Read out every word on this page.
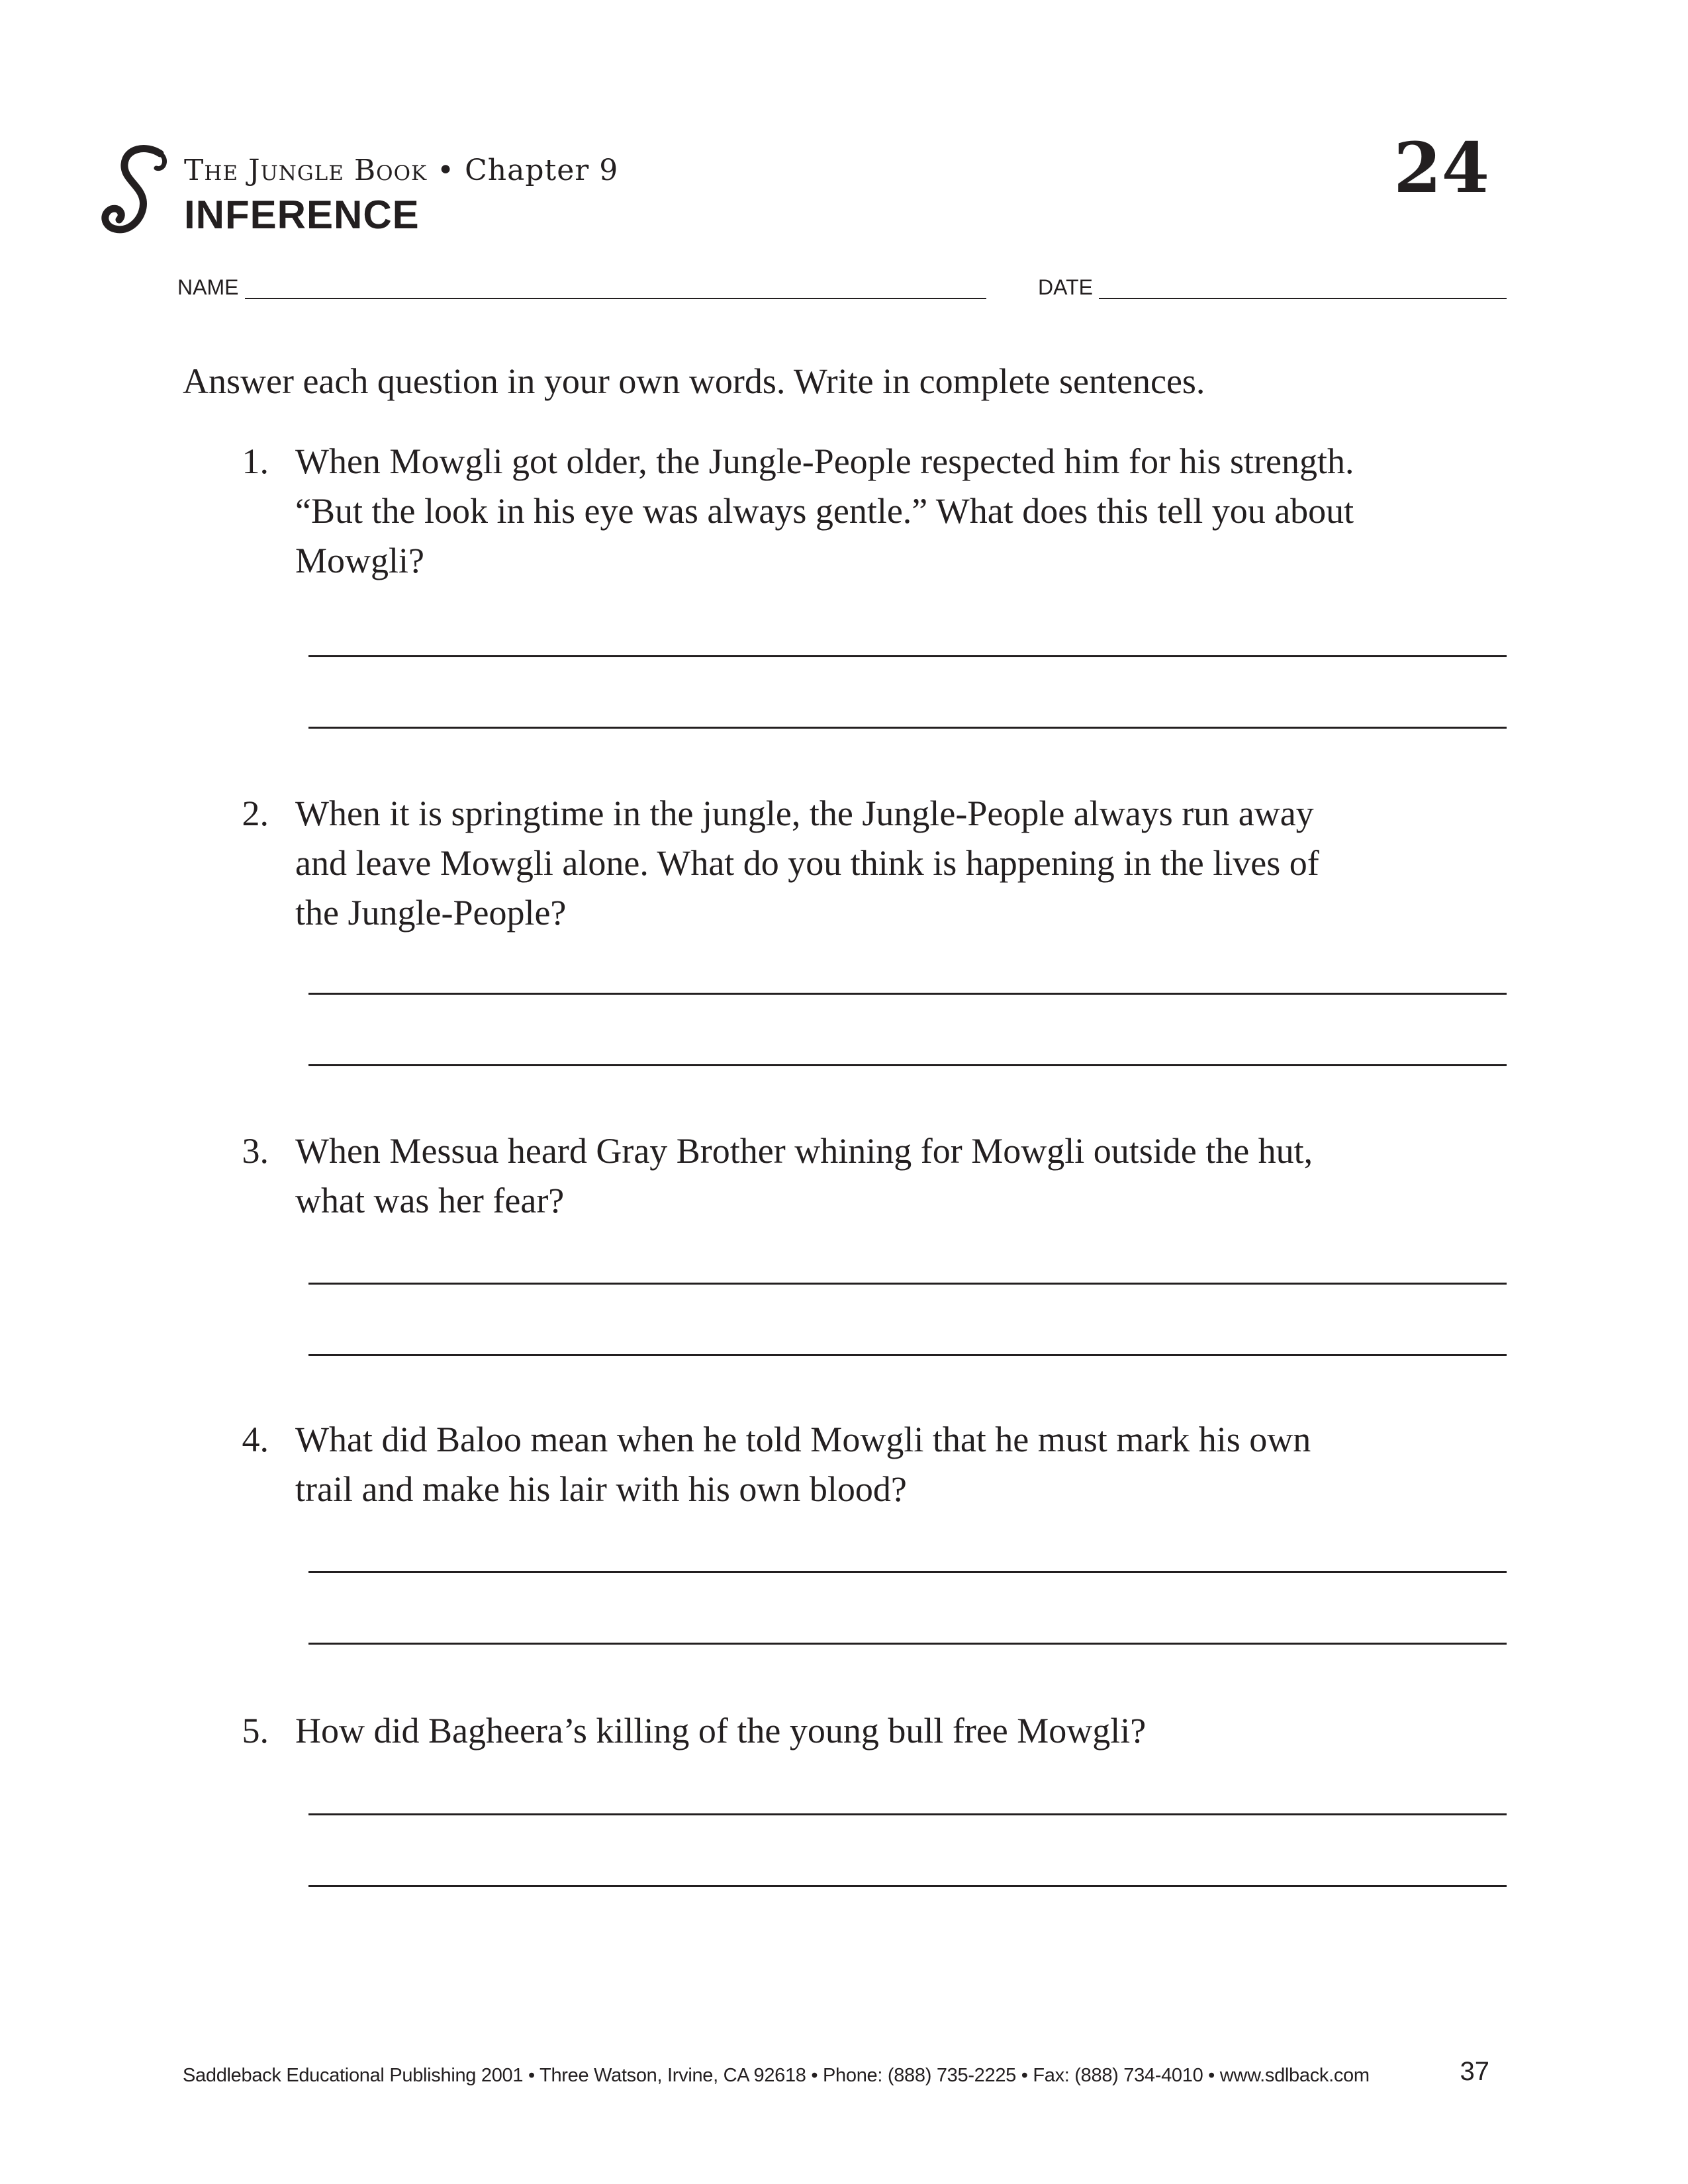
The Jungle Book • Chapter 9
INFERENCE
24
NAME	DATE
Answer each question in your own words. Write in complete sentences.
1. When Mowgli got older, the Jungle-People respected him for his strength.
“But the look in his eye was always gentle.” What does this tell you about
Mowgli?
2. When it is springtime in the jungle, the Jungle-People always run away
and leave Mowgli alone. What do you think is happening in the lives of
the Jungle-People?
3. When Messua heard Gray Brother whining for Mowgli outside the hut,
what was her fear?
4. What did Baloo mean when he told Mowgli that he must mark his own
trail and make his lair with his own blood?
5. How did Bagheera’s killing of the young bull free Mowgli?
Saddleback Educational Publishing 2001 • Three Watson, Irvine, CA 92618 • Phone: (888) 735-2225 • Fax: (888) 734-4010 • www.sdlback.com	37
